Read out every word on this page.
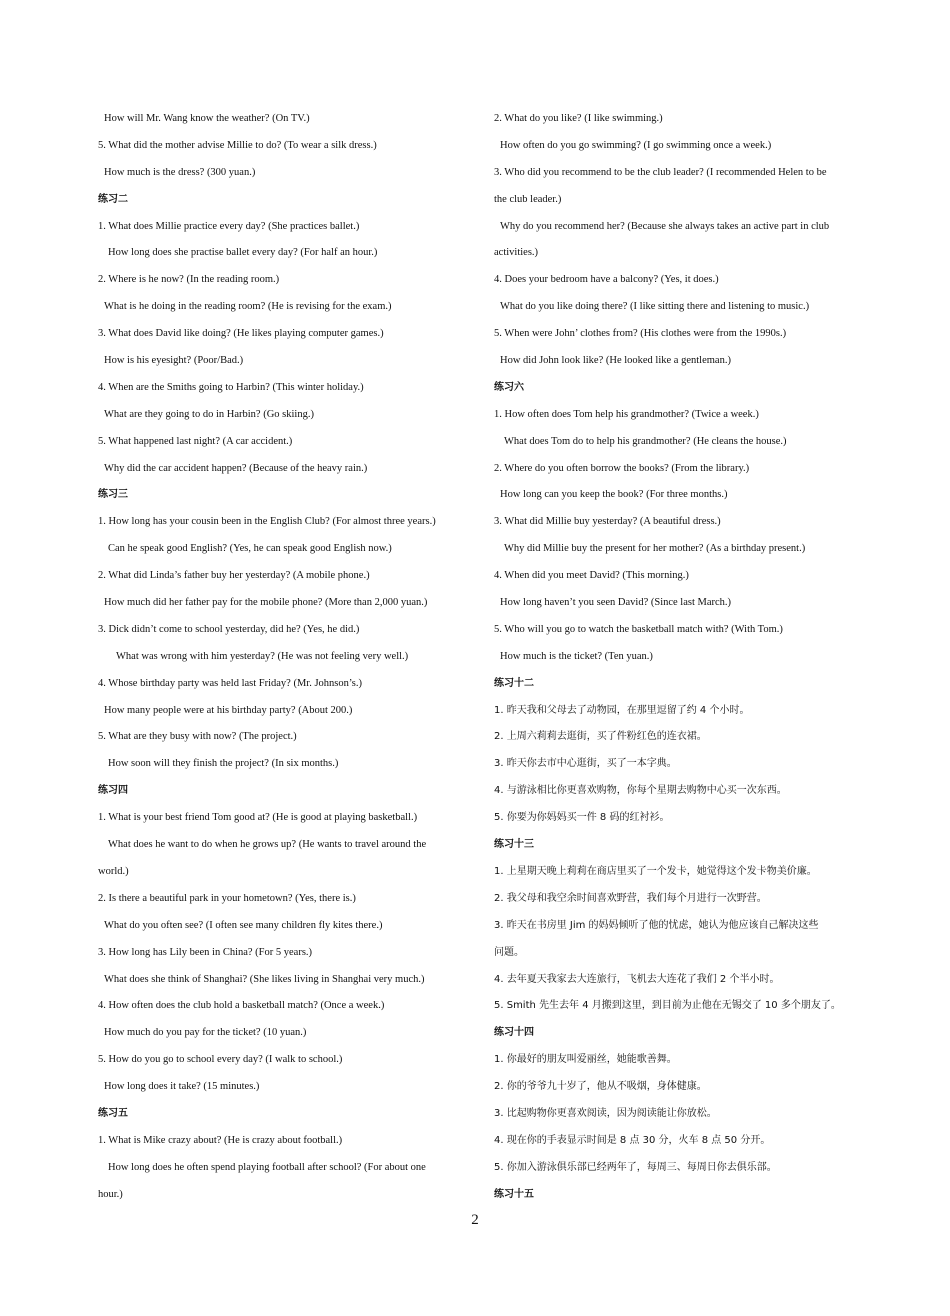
How will Mr. Wang know the weather? (On TV.)
5. What did the mother advise Millie to do? (To wear a silk dress.)
How much is the dress? (300 yuan.)
练习二
1. What does Millie practice every day? (She practices ballet.)
How long does she practise ballet every day? (For half an hour.)
2. Where is he now? (In the reading room.)
What is he doing in the reading room? (He is revising for the exam.)
3. What does David like doing? (He likes playing computer games.)
How is his eyesight? (Poor/Bad.)
4. When are the Smiths going to Harbin? (This winter holiday.)
What are they going to do in Harbin? (Go skiing.)
5. What happened last night? (A car accident.)
Why did the car accident happen? (Because of the heavy rain.)
练习三
1. How long has your cousin been in the English Club? (For almost three years.)
Can he speak good English? (Yes, he can speak good English now.)
2. What did Linda’s father buy her yesterday? (A mobile phone.)
How much did her father pay for the mobile phone? (More than 2,000 yuan.)
3. Dick didn’t come to school yesterday, did he? (Yes, he did.)
What was wrong with him yesterday? (He was not feeling very well.)
4. Whose birthday party was held last Friday? (Mr. Johnson’s.)
How many people were at his birthday party? (About 200.)
5. What are they busy with now? (The project.)
How soon will they finish the project? (In six months.)
练习四
1. What is your best friend Tom good at? (He is good at playing basketball.)
What does he want to do when he grows up? (He wants to travel around the
world.)
2. Is there a beautiful park in your hometown? (Yes, there is.)
What do you often see? (I often see many children fly kites there.)
3. How long has Lily been in China? (For 5 years.)
What does she think of Shanghai? (She likes living in Shanghai very much.)
4. How often does the club hold a basketball match? (Once a week.)
How much do you pay for the ticket? (10 yuan.)
5. How do you go to school every day? (I walk to school.)
How long does it take? (15 minutes.)
练习五
1. What is Mike crazy about? (He is crazy about football.)
How long does he often spend playing football after school? (For about one
hour.)
2. What do you like? (I like swimming.)
How often do you go swimming? (I go swimming once a week.)
3. Who did you recommend to be the club leader? (I recommended Helen to be
the club leader.)
Why do you recommend her? (Because she always takes an active part in club
activities.)
4. Does your bedroom have a balcony? (Yes, it does.)
What do you like doing there? (I like sitting there and listening to music.)
5. When were John’ clothes from? (His clothes were from the 1990s.)
How did John look like? (He looked like a gentleman.)
练习六
1. How often does Tom help his grandmother? (Twice a week.)
What does Tom do to help his grandmother? (He cleans the house.)
2. Where do you often borrow the books? (From the library.)
How long can you keep the book? (For three months.)
3. What did Millie buy yesterday? (A beautiful dress.)
Why did Millie buy the present for her mother? (As a birthday present.)
4. When did you meet David? (This morning.)
How long haven’t you seen David? (Since last March.)
5. Who will you go to watch the basketball match with? (With Tom.)
How much is the ticket? (Ten yuan.)
练习十二
1. 昨天我和父母去了动物园，在那里逗留了约 4 个小时。
2. 上周六莉莉去逛街，买了件粉红色的连衣裙。
3. 昨天你去市中心逛街，买了一本字典。
4. 与游泳相比你更喜欢购物，你每个星期去购物中心买一次东西。
5. 你要为你妈妈买一件 8 码的红衬衫。
练习十三
1. 上星期天晚上莉莉在商店里买了一个发卡，她觉得这个发卡物美价廉。
2. 我父母和我空余时间喜欢野营，我们每个月进行一次野营。
3. 昨天在书房里 Jim 的妈妈倾听了他的忧虑，她认为他应该自己解决这些
问题。
4. 去年夏天我家去大连旅行，飞机去大连花了我们 2 个半小时。
5. Smith 先生去年 4 月搬到这里，到目前为止他在无锡交了 10 多个朋友了。
练习十四
1. 你最好的朋友叫爱丽丝，她能歌善舞。
2. 你的爷爷九十岁了，他从不吸烟，身体健康。
3. 比起购物你更喜欢阅读，因为阅读能让你放松。
4. 现在你的手表显示时间是 8 点 30 分，火车 8 点 50 分开。
5. 你加入游泳俱乐部已经两年了，每周三、每周日你去俱乐部。
练习十五
2
